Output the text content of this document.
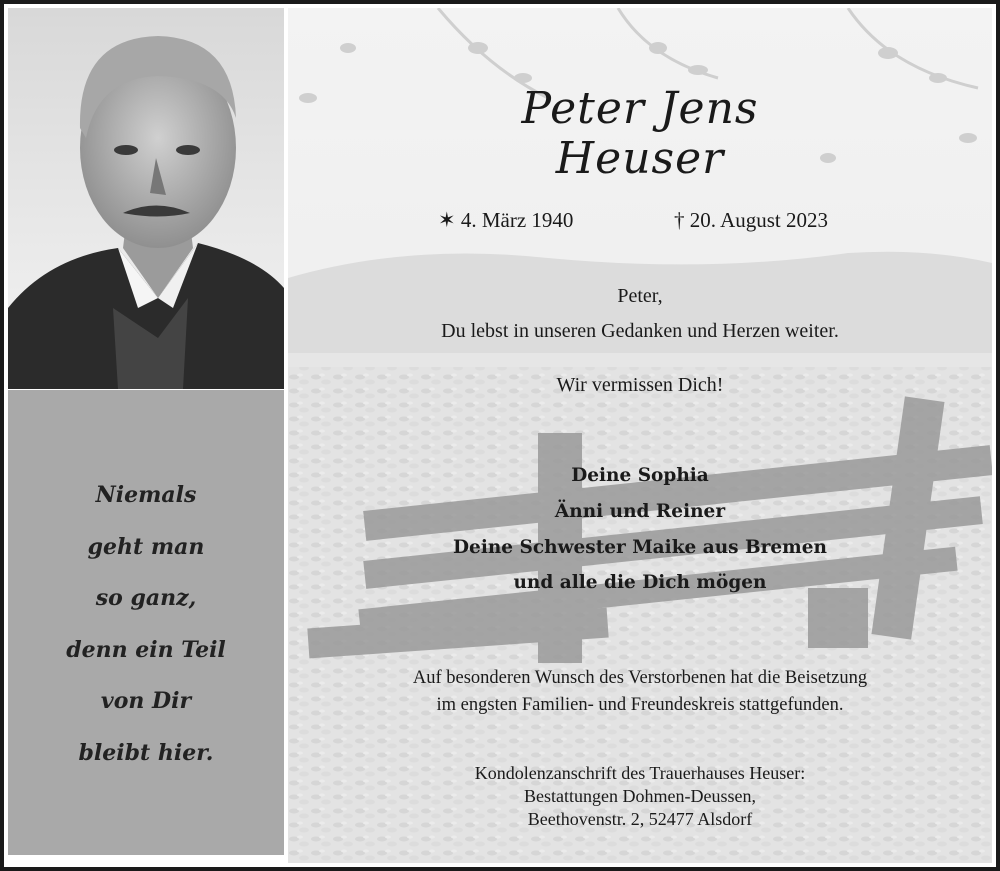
Niemals
geht man
so ganz,
denn ein Teil
von Dir
bleibt hier.
Peter Jens
Heuser
✶ 4. März 1940	† 20. August 2023
Peter,
Du lebst in unseren Gedanken und Herzen weiter.
Wir vermissen Dich!
Deine Sophia
Änni und Reiner
Deine Schwester Maike aus Bremen
und alle die Dich mögen
Auf besonderen Wunsch des Verstorbenen hat die Beisetzung
im engsten Familien- und Freundeskreis stattgefunden.
Kondolenzanschrift des Trauerhauses Heuser:
Bestattungen Dohmen-Deussen,
Beethovenstr. 2, 52477 Alsdorf
